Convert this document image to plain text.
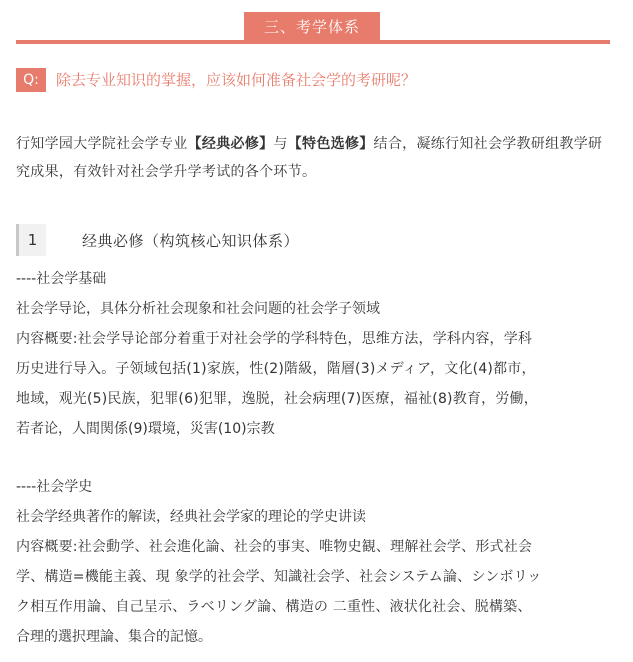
三、考学体系
Q:	除去专业知识的掌握，应该如何准备社会学的考研呢？
行知学园大学院社会学专业【经典必修】与【特色选修】结合，凝练行知社会学教研组教学研究成果，有效针对社会学升学考试的各个环节。
1	经典必修（构筑核心知识体系）
----社会学基础
社会学导论，具体分析社会现象和社会问题的社会学子领域
内容概要:社会学导论部分着重于对社会学的学科特色，思维方法，学科内容，学科
历史进行导入。子领域包括(1)家族，性(2)階級，階層(3)メディア，文化(4)都市，
地域，观光(5)民族，犯罪(6)犯罪，逸脱，社会病理(7)医療，福祉(8)教育，労働，
若者论，人間関係(9)環境，災害(10)宗教
----社会学史
社会学经典著作的解读，经典社会学家的理论的学史讲读
内容概要:社会動学、社会進化論、社会的事実、唯物史観、理解社会学、形式社会
学、構造=機能主義、現 象学的社会学、知識社会学、社会システム論、シンボリッ
ク相互作用論、自己呈示、ラベリング論、構造の 二重性、液状化社会、脱構築、
合理的選択理論、集合的記憶。
